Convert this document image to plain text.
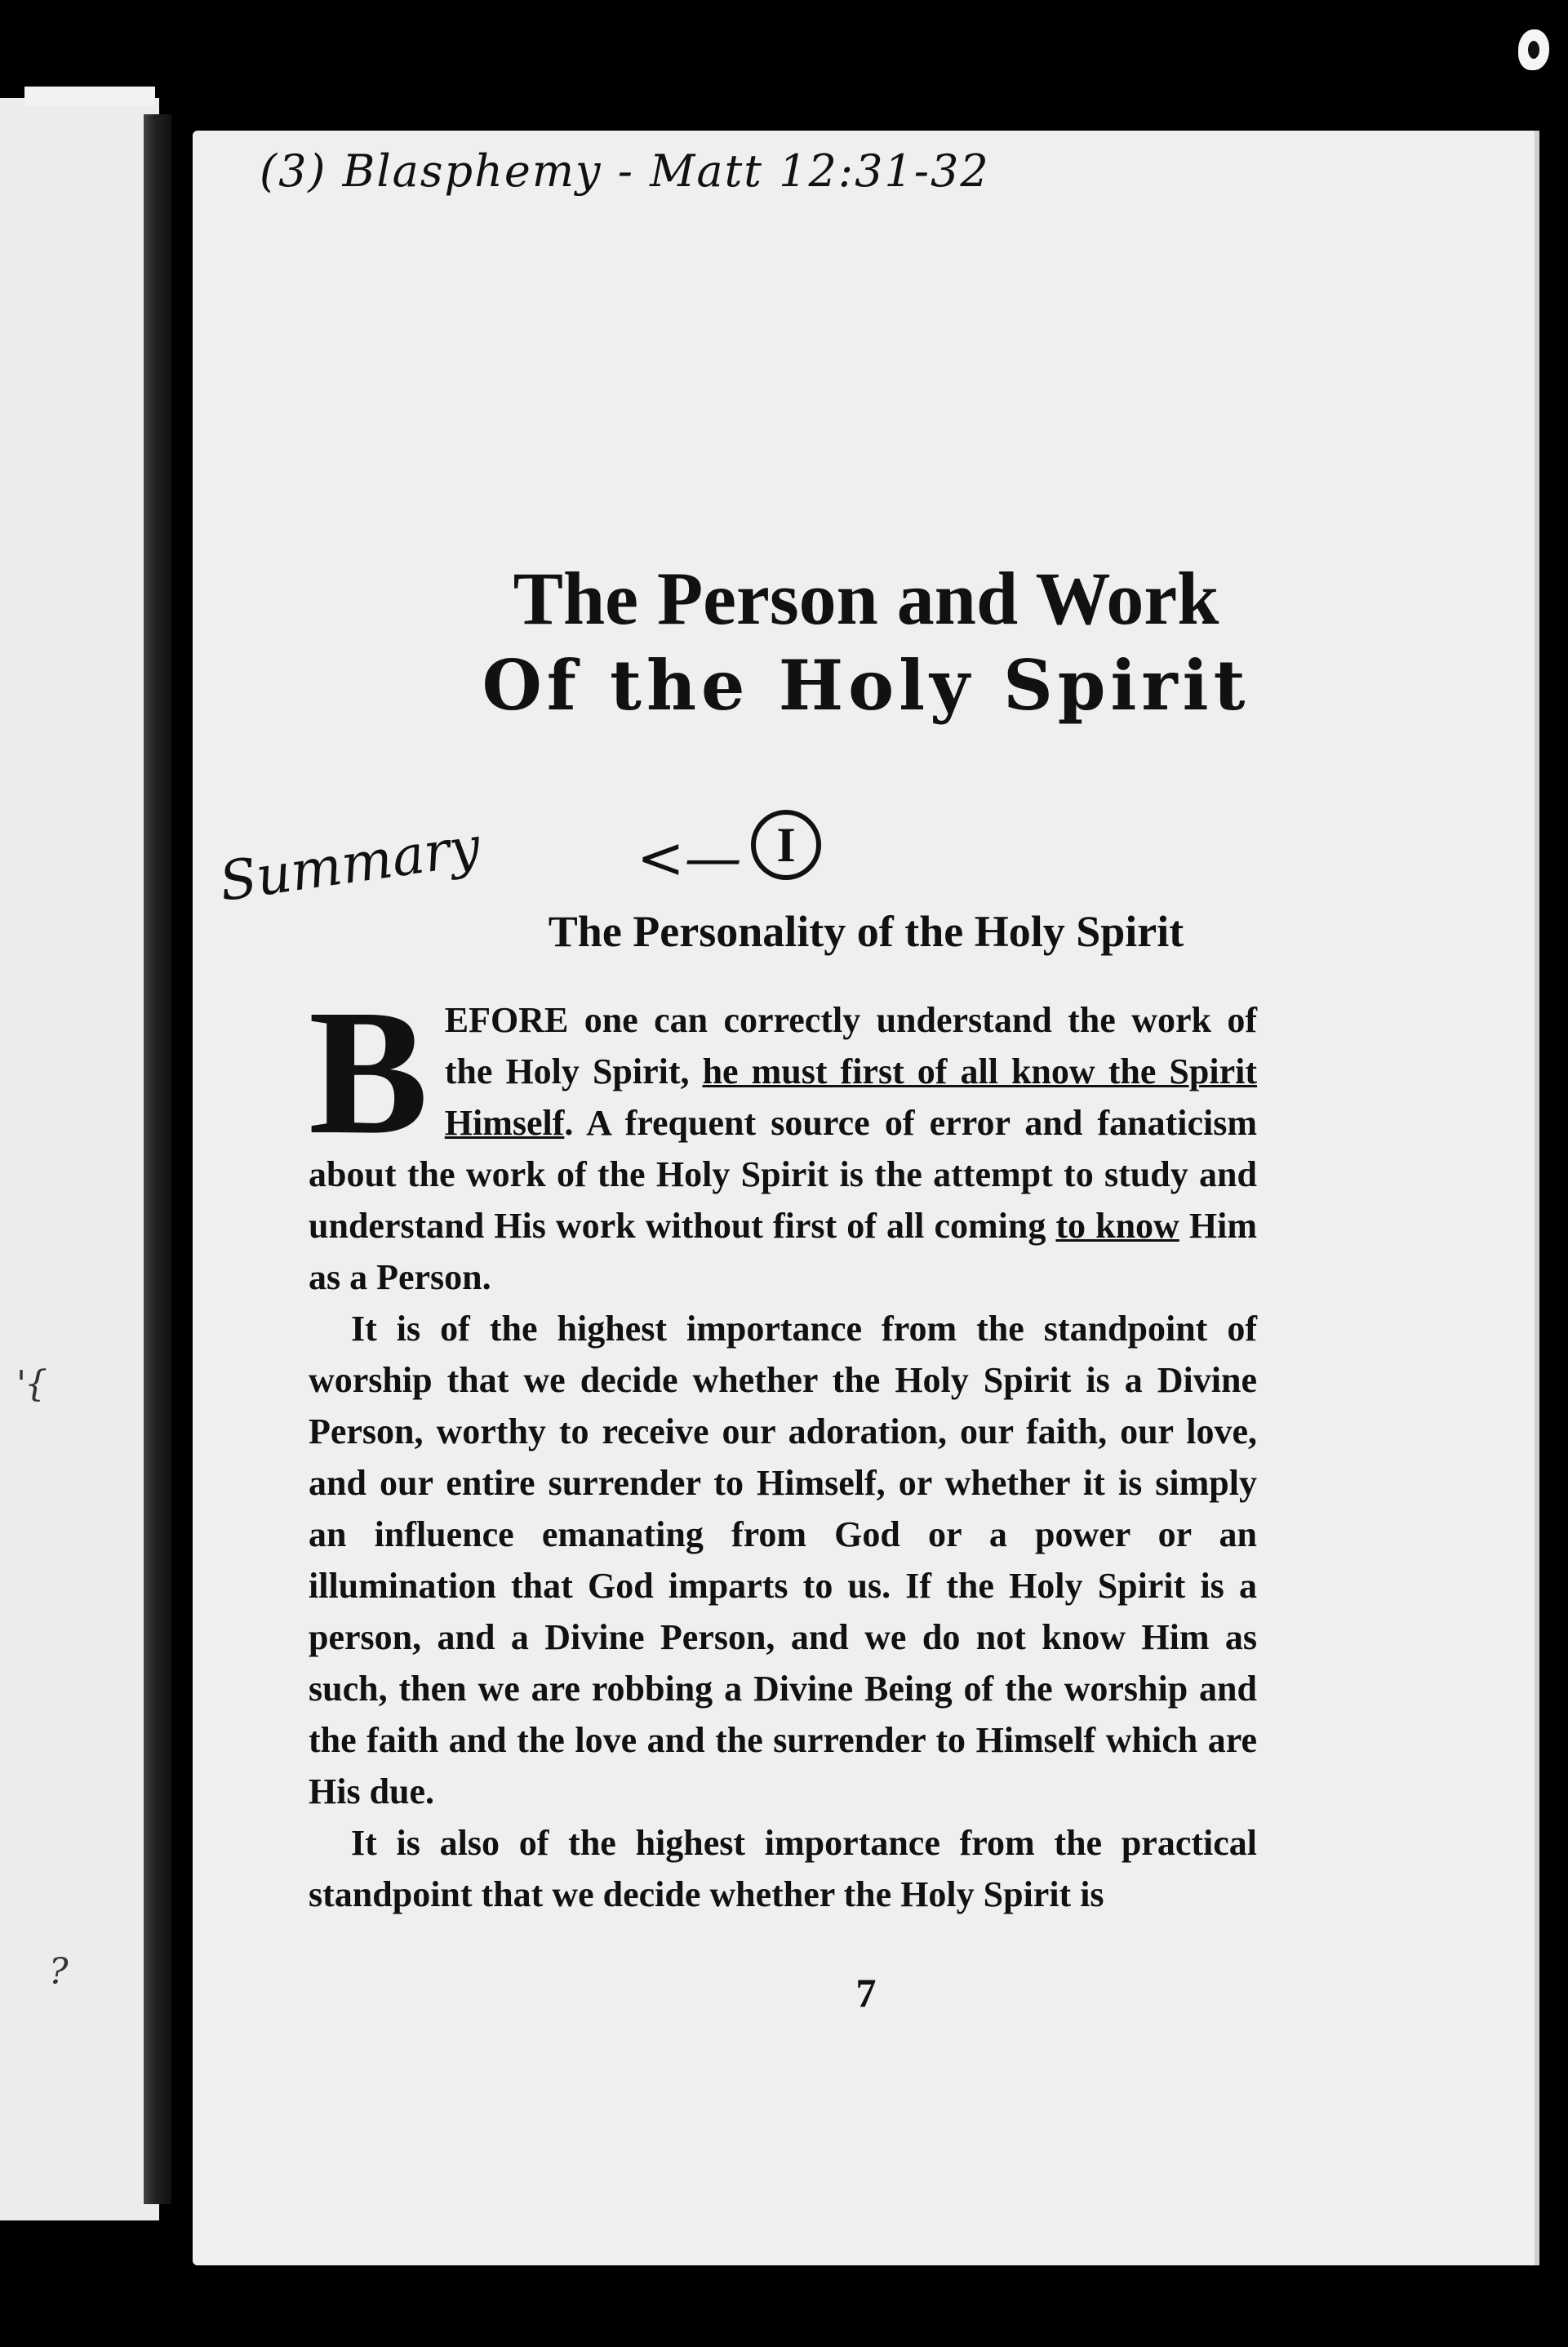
'
{
?
(3) Blasphemy - Matt 12:31-32
The Person and Work
Of the Holy Spirit
Summary	<— I
The Personality of the Holy Spirit

BEFORE one can correctly understand the work of the Holy Spirit, he must first of all know the Spirit Himself. A frequent source of error and fanaticism about the work of the Holy Spirit is the attempt to study and understand His work without first of all coming to know Him as a Person.

It is of the highest importance from the standpoint of worship that we decide whether the Holy Spirit is a Divine Person, worthy to receive our adoration, our faith, our love, and our entire surrender to Himself, or whether it is simply an influence emanating from God or a power or an illumination that God imparts to us. If the Holy Spirit is a person, and a Divine Person, and we do not know Him as such, then we are robbing a Divine Being of the worship and the faith and the love and the surrender to Himself which are His due.

It is also of the highest importance from the practical standpoint that we decide whether the Holy Spirit is

7
